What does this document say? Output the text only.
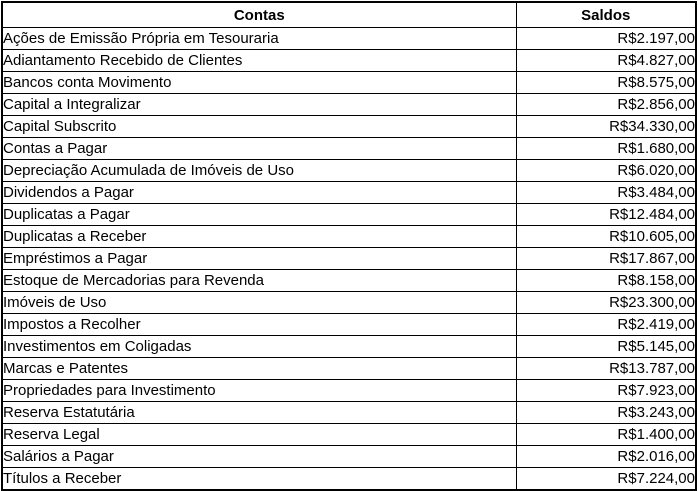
Contas	Saldos
Ações de Emissão Própria em Tesouraria	R$2.197,00
Adiantamento Recebido de Clientes	R$4.827,00
Bancos conta Movimento	R$8.575,00
Capital a Integralizar	R$2.856,00
Capital Subscrito	R$34.330,00
Contas a Pagar	R$1.680,00
Depreciação Acumulada de Imóveis de Uso	R$6.020,00
Dividendos a Pagar	R$3.484,00
Duplicatas a Pagar	R$12.484,00
Duplicatas a Receber	R$10.605,00
Empréstimos a Pagar	R$17.867,00
Estoque de Mercadorias para Revenda	R$8.158,00
Imóveis de Uso	R$23.300,00
Impostos a Recolher	R$2.419,00
Investimentos em Coligadas	R$5.145,00
Marcas e Patentes	R$13.787,00
Propriedades para Investimento	R$7.923,00
Reserva Estatutária	R$3.243,00
Reserva Legal	R$1.400,00
Salários a Pagar	R$2.016,00
Títulos a Receber	R$7.224,00
